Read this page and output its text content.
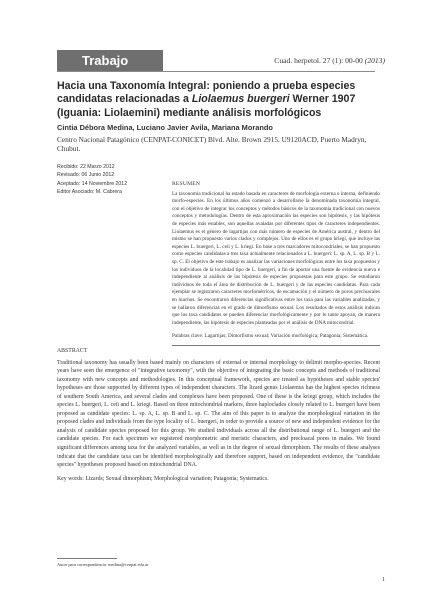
Trabajo	Cuad. herpetol. 27 (1): 00-00 (2013)
Hacia una Taxonomía Integral: poniendo a prueba especies candidatas relacionadas a Liolaemus buergeri Werner 1907 (Iguania: Liolaemini) mediante análisis morfológicos
Cintia Débora Medina, Luciano Javier Avila, Mariana Morando
Centro Nacional Patagónico (CENPAT-CONICET) Blvd. Alte. Brown 2915. U9120ACD, Puerto Madryn, Chubut.
Recibido: 22 Marzo 2012
Revisado: 06 Junio 2012
Aceptado: 14 Noviembre 2012
Editor Asociado: M. Cabrera
RESUMEN

La taxonomía tradicional ha estado basada en caracteres de morfología externa o interna, definiendo morfo-especies. En los últimos años comenzó a desarrollarse la denominada taxonomía integral, con el objetivo de integrar los conceptos y métodos básicos de la taxonomía tradicional con nuevos conceptos y metodologías. Dentro de esta aproximación las especies son hipótesis, y las hipótesis de especies más estables, son aquellas avaladas por diferentes tipos de caracteres independientes. Liolaemus es el género de lagartijas con más número de especies de América austral, y dentro del mismo se han propuesto varios clados y complejos. Uno de ellos es el grupo kriegi, que incluye las especies L. buergeri, L. ceii y L. kriegi. En base a tres marcadores mitocondriales, se han propuesto como especies candidatas a tres taxa actualmente relacionados a L. buergeri: L. sp. A, L. sp. B y L. sp. C. El objetivo de este trabajo es analizar las variaciones morfológicas entre los taxa propuestos y los individuos de la localidad tipo de L. buergeri, a fin de aportar una fuente de evidencia nueva e independiente al análisis de las hipótesis de especies propuestas para este grupo. Se estudiaron individuos de toda el área de distribución de L. buergeri y de las especies candidatas. Para cada ejemplar se registraron caracteres morfométricos, de escamación y el número de poros precloacales en machos. Se encontraron diferencias significativas entre los taxa para las variables analizadas, y se hallaron diferencias en el grado de dimorfismo sexual. Los resultados de estos análisis indican que los taxa candidatos se pueden diferenciar morfológicamente y por lo tanto apoyan, de manera independiente, las hipótesis de especies planteadas por el análisis de DNA mitocondrial.

Palabras clave: Lagartijas; Dimorfismo sexual; Variación morfológica; Patagonia; Sistemática.

ABSTRACT

Traditional taxonomy has usually been based mainly on characters of external or internal morphology to delimit morpho-species. Recent years have seen the emergence of "integrative taxonomy", with the objective of integrating the basic concepts and methods of traditional taxonomy with new concepts and methodologies. In this conceptual framework, species are treated as hypotheses and stable species' hypotheses are those supported by different types of independent characters. The lizard genus Liolaemus has the highest species richness of southern South America, and several clades and complexes have been proposed. One of these is the kriegi group, which includes the species L. buergeri, L. ceii and L. kriegi. Based on three mitochondrial markers, three haploclades closely related to L. buergeri have been proposed as candidate species: L. sp. A, L. sp. B and L. sp. C. The aim of this paper is to analyze the morphological variation in the proposed clades and individuals from the type locality of L. buergeri, in order to provide a source of new and independent evidence for the analysis of candidate species proposed for this group. We studied individuals across all the distributional range of L. buergeri and the candidate species. For each specimen we registered morphometric and meristic characters, and precloacal pores in males. We found significant differences among taxa for the analyzed variables, as well as in the degree of sexual dimorphism. The results of these analyses indicate that the candidate taxa can be identified morphologically and therefore support, based on independent evidence, the "candidate species" hypotheses proposed based on mitochondrial DNA.

Key words: Lizards; Sexual dimorphism; Morphological variation; Patagonia; Systematics.

Autor para correspondencia: medina@cenpat.edu.ar
1
